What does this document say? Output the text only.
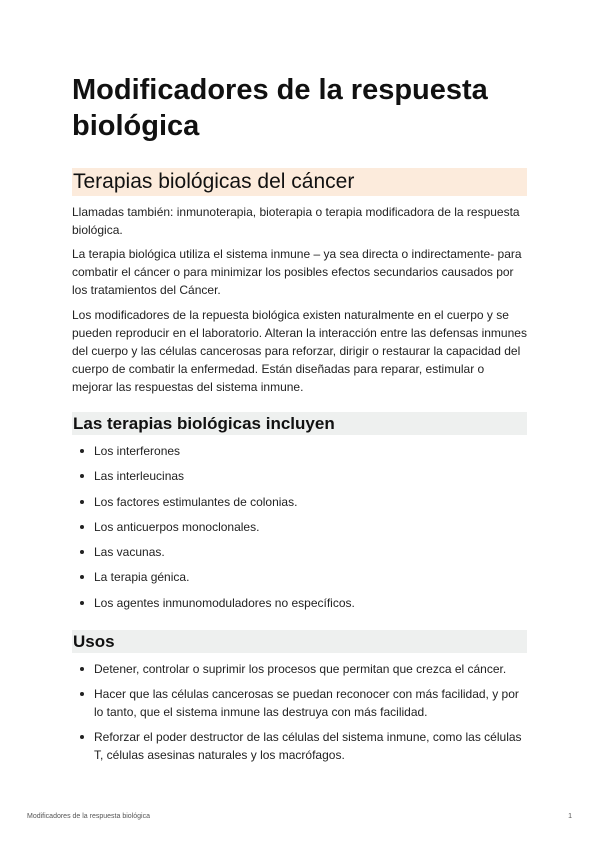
Modificadores de la respuesta biológica
Terapias biológicas del cáncer

Llamadas también: inmunoterapia, bioterapia o terapia modificadora de la respuesta biológica.

La terapia biológica utiliza el sistema inmune – ya sea directa o indirectamente- para combatir el cáncer o para minimizar los posibles efectos secundarios causados por los tratamientos del Cáncer.

Los modificadores de la repuesta biológica existen naturalmente en el cuerpo y se pueden reproducir en el laboratorio. Alteran la interacción entre las defensas inmunes del cuerpo y las células cancerosas para reforzar, dirigir o restaurar la capacidad del cuerpo de combatir la enfermedad. Están diseñadas para reparar, estimular o mejorar las respuestas del sistema inmune.

Las terapias biológicas incluyen
Los interferones
Las interleucinas
Los factores estimulantes de colonias.
Los anticuerpos monoclonales.
Las vacunas.
La terapia génica.
Los agentes inmunomoduladores no específicos.
Usos
Detener, controlar o suprimir los procesos que permitan que crezca el cáncer.
Hacer que las células cancerosas se puedan reconocer con más facilidad, y por lo tanto, que el sistema inmune las destruya con más facilidad.
Reforzar el poder destructor de las células del sistema inmune, como las células T, células asesinas naturales y los macrófagos.
Modificadores de la respuesta biológica	1
